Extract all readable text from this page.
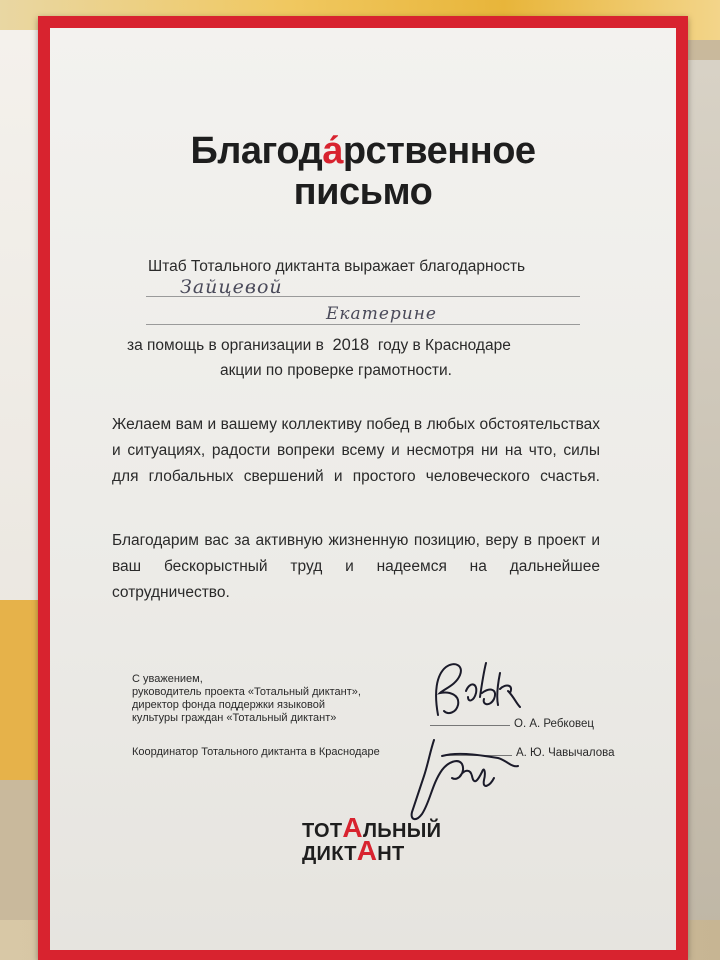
Благода́рственное
письмо
Штаб Тотального диктанта выражает благодарность
Зайцевой
Екатерине
за помощь в организации в 2018 году в Краснодаре
акции по проверке грамотности.
Желаем вам и вашему коллективу побед в любых обстоятельствах и ситуациях, радости вопреки всему и несмотря ни на что, силы для глобальных свершений и простого человеческого счастья.
Благодарим вас за активную жизненную позицию, веру в проект и ваш бескорыстный труд и надеемся на дальнейшее сотрудничество.
С уважением,
руководитель проекта «Тотальный диктант»,
директор фонда поддержки языковой
культуры граждан «Тотальный диктант»	О. А. Ребковец
Координатор Тотального диктанта в Краснодаре	А. Ю. Чавычалова
ТОТАЛЬНЫЙ
ДИКТАНТ
